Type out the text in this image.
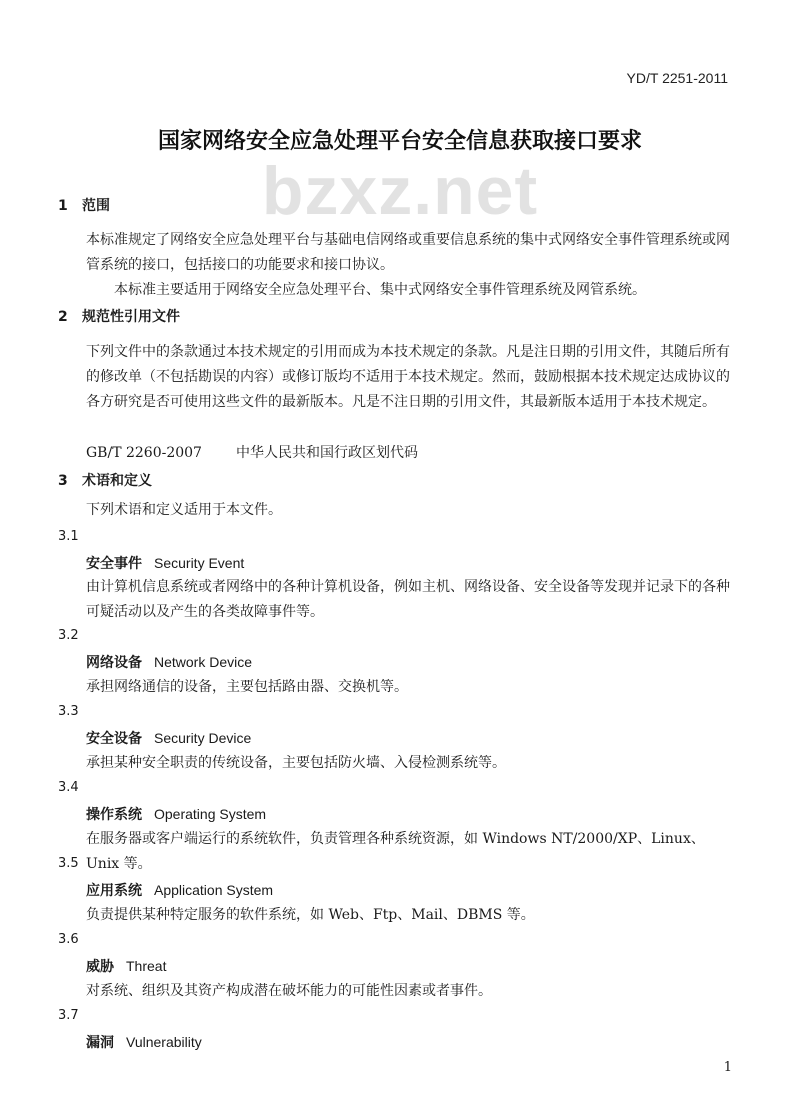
YD/T 2251-2011
国家网络安全应急处理平台安全信息获取接口要求
bzxz.net
1 范围

本标准规定了网络安全应急处理平台与基础电信网络或重要信息系统的集中式网络安全事件管理系统或网管系统的接口，包括接口的功能要求和接口协议。

本标准主要适用于网络安全应急处理平台、集中式网络安全事件管理系统及网管系统。

2 规范性引用文件

下列文件中的条款通过本技术规定的引用而成为本技术规定的条款。凡是注日期的引用文件，其随后所有的修改单（不包括勘误的内容）或修订版均不适用于本技术规定。然而，鼓励根据本技术规定达成协议的各方研究是否可使用这些文件的最新版本。凡是不注日期的引用文件，其最新版本适用于本技术规定。

GB/T 2260-2007 中华人民共和国行政区划代码
3 术语和定义

下列术语和定义适用于本文件。

3.1
安全事件 Security Event
由计算机信息系统或者网络中的各种计算机设备，例如主机、网络设备、安全设备等发现并记录下的各种可疑活动以及产生的各类故障事件等。
3.2
网络设备 Network Device
承担网络通信的设备，主要包括路由器、交换机等。
3.3
安全设备 Security Device
承担某种安全职责的传统设备，主要包括防火墙、入侵检测系统等。
3.4
操作系统 Operating System
在服务器或客户端运行的系统软件，负责管理各种系统资源，如 Windows NT/2000/XP、Linux、Unix 等。
3.5
应用系统 Application System
负责提供某种特定服务的软件系统，如 Web、Ftp、Mail、DBMS 等。
3.6
威胁 Threat
对系统、组织及其资产构成潜在破坏能力的可能性因素或者事件。
3.7
漏洞 Vulnerability
1
